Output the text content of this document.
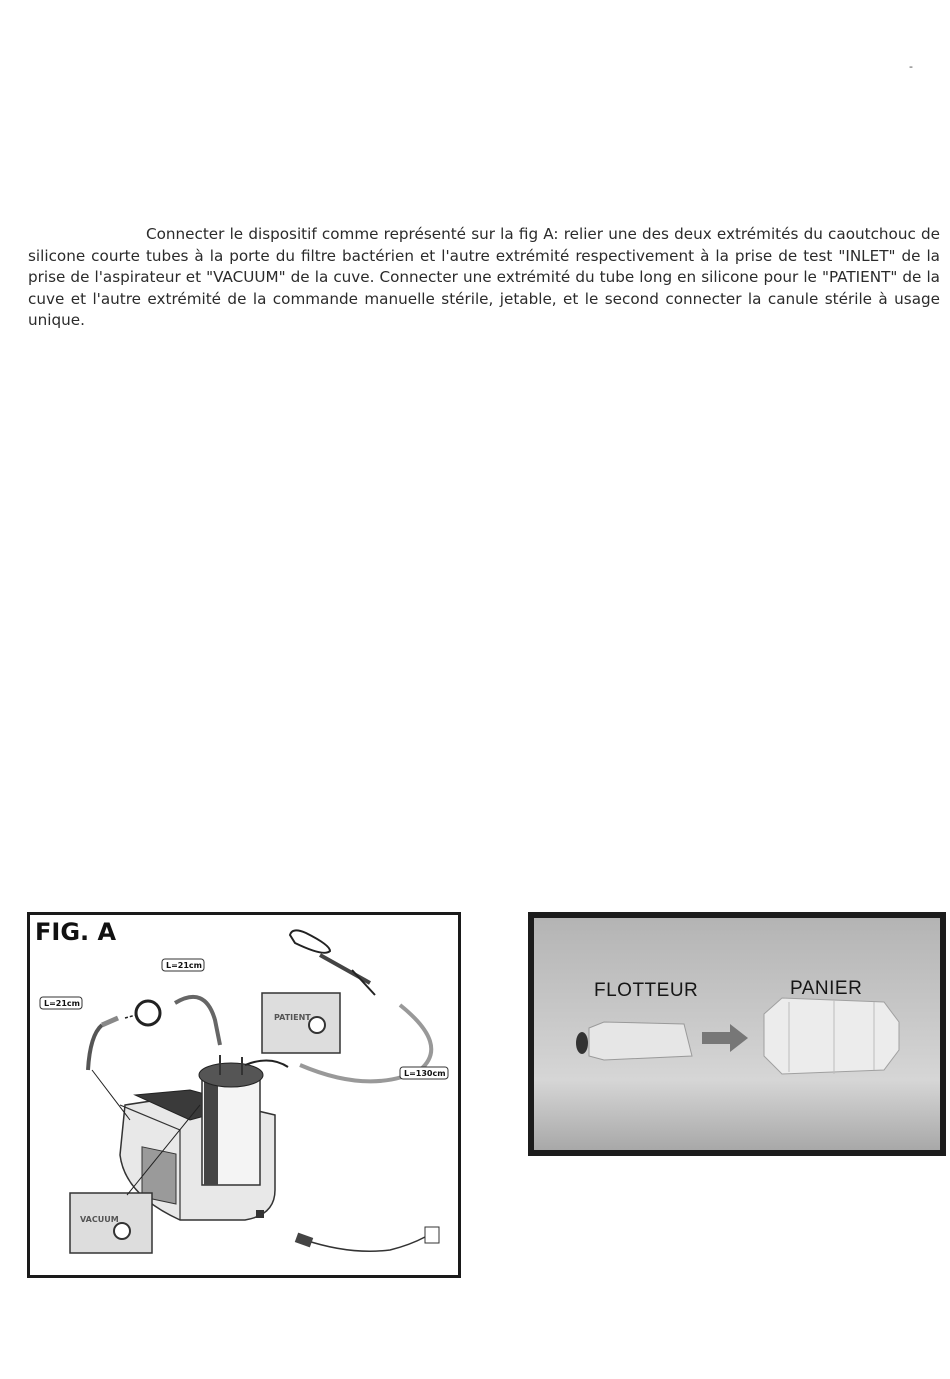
-
Connecter le dispositif comme représenté sur la fig A: relier une des deux extrémités du caoutchouc de silicone courte tubes à la porte du filtre bactérien et l'autre extrémité respectivement à la prise de test "INLET" de la prise de l'aspirateur et "VACUUM" de la cuve. Connecter une extrémité du tube long en silicone pour le "PATIENT" de la cuve et l'autre extrémité de la commande manuelle stérile, jetable, et le second connecter la canule stérile à usage unique.
FIG. A
L=21cm
L=21cm
L=130cm
PATIENT
VACUUM
FLOTTEUR	PANIER
